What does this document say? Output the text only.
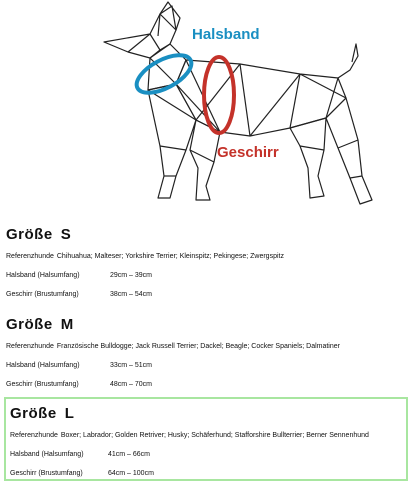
Halsband
Geschirr
Größe S
Referenzhunde Chihuahua; Malteser; Yorkshire Terrier; Kleinspitz; Pekingese; Zwergspitz
Halsband (Halsumfang)	29cm – 39cm
Geschirr (Brustumfang)	38cm – 54cm
Größe M
Referenzhunde Französische Bulldogge; Jack Russell Terrier; Dackel; Beagle; Cocker Spaniels; Dalmatiner
Halsband (Halsumfang)	33cm – 51cm
Geschirr (Brustumfang)	48cm – 70cm
Größe L
Referenzhunde Boxer; Labrador; Golden Retriver; Husky; Schäferhund; Stafforshire Bullterrier; Berner Sennenhund
Halsband (Halsumfang)	41cm – 66cm
Geschirr (Brustumfang)	64cm – 100cm
